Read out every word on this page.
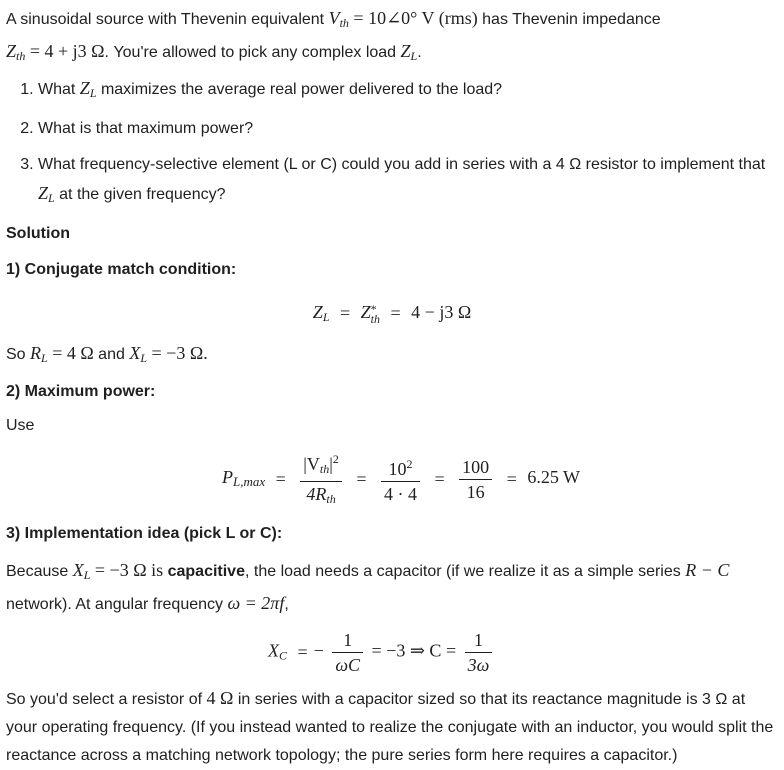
A sinusoidal source with Thevenin equivalent $V_{th}$ = 10∠0° V (rms) has Thevenin impedance
$Z_{th} = 4 + j3$ Ω. You're allowed to pick any complex load $Z_L$.

1. What $Z_L$ maximizes the average real power delivered to the load?
2. What is that maximum power?
3. What frequency-selective element (L or C) could you add in series with a 4 Ω resistor to implement that $Z_L$ at the given frequency?

Solution

1) Conjugate match condition:

$Z_L = Z$ *
th = 4 − j3 Ω

So $R_L = 4$ Ω and $X_L = -3$ Ω.

2) Maximum power:

Use

$P_{L,max} = \frac{|V_{th}|^2}{4R_{th}} = \frac{10^2}{4 \cdot 4} = \frac{100}{16} = 6.25$ W

3) Implementation idea (pick L or C):

Because $X_L = -3$ Ω is capacitive, the load needs a capacitor (if we realize it as a simple series R − C
network). At angular frequency ω = 2πf,

$X_C$ = − $\frac{1}{\omega C} = -3$ ⇒ $C = \frac{1}{3\omega}$

So you'd select a resistor of 4 Ω in series with a capacitor sized so that its reactance magnitude is 3 Ω at your operating frequency. (If you instead wanted to realize the conjugate with an inductor, you would split the reactance across a matching network topology; the pure series form here requires a capacitor.)
